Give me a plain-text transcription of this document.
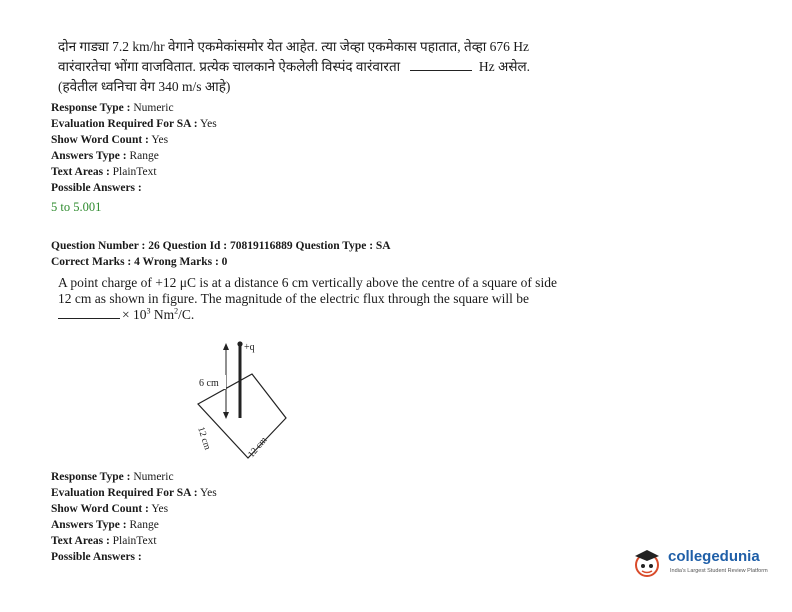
दोन गाड्या 7.2 km/hr वेगाने एकमेकांसमोर येत आहेत. त्या जेव्हा एकमेकास पहातात, तेव्हा 676 Hz
वारंवारतेचा भोंगा वाजवितात. प्रत्येक चालकाने ऐकलेली विस्पंद वारंवारता	Hz असेल.
(हवेतील ध्वनिचा वेग 340 m/s आहे)
Response Type : Numeric
Evaluation Required For SA : Yes
Show Word Count : Yes
Answers Type : Range
Text Areas : PlainText
Possible Answers :
5 to 5.001
Question Number : 26 Question Id : 70819116889 Question Type : SA
Correct Marks : 4 Wrong Marks : 0
A point charge of +12 μC is at a distance 6 cm vertically above the centre of a square of side
12 cm as shown in figure. The magnitude of the electric flux through the square will be
× $10^3$ $Nm^2/C$.
+q
6 cm
12 cm	12 cm
Response Type : Numeric
Evaluation Required For SA : Yes
Show Word Count : Yes
Answers Type : Range
Text Areas : PlainText
Possible Answers :	collegedunia
India's Largest Student Review Platform
